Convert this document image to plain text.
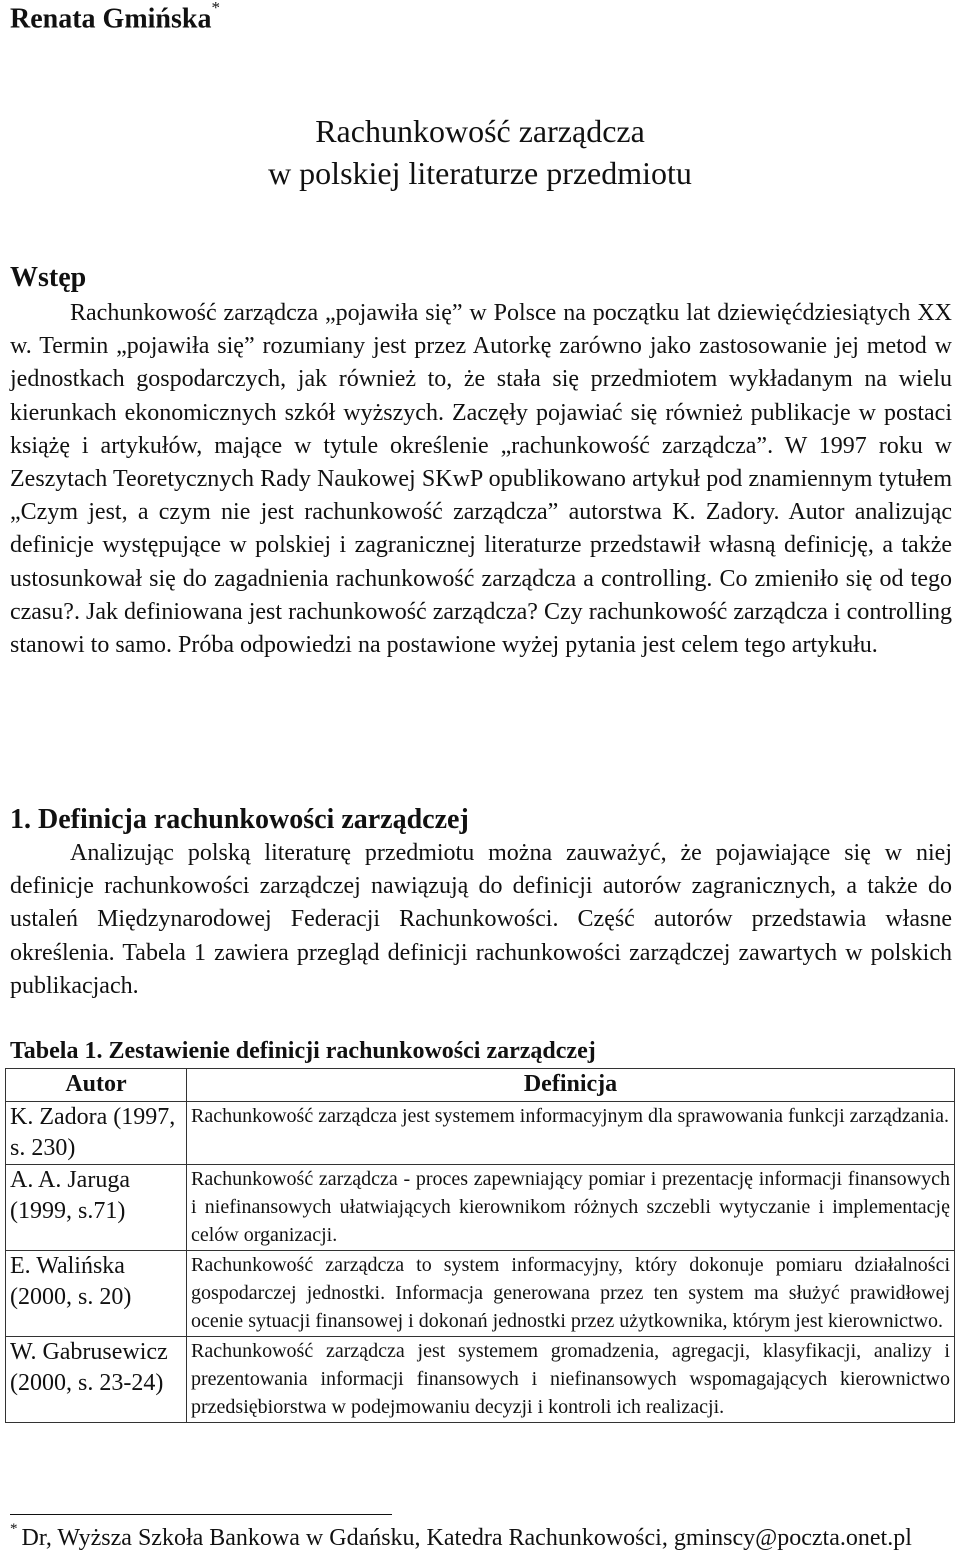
Renata Gmińska*
Rachunkowość zarządcza
w polskiej literaturze przedmiotu
Wstęp
Rachunkowość zarządcza „pojawiła się” w Polsce na początku lat dziewięćdziesiątych XX w. Termin „pojawiła się” rozumiany jest przez Autorkę zarówno jako zastosowanie jej metod w jednostkach gospodarczych, jak również to, że stała się przedmiotem wykładanym na wielu kierunkach ekonomicznych szkół wyższych. Zaczęły pojawiać się również publikacje w postaci książę i artykułów, mające w tytule określenie „rachunkowość zarządcza”. W 1997 roku w Zeszytach Teoretycznych Rady Naukowej SKwP opublikowano artykuł pod znamiennym tytułem „Czym jest, a czym nie jest rachunkowość zarządcza” autorstwa K. Zadory. Autor analizując definicje występujące w polskiej i zagranicznej literaturze przedstawił własną definicję, a także ustosunkował się do zagadnienia rachunkowość zarządcza a controlling. Co zmieniło się od tego czasu?. Jak definiowana jest rachunkowość zarządcza? Czy rachunkowość zarządcza i controlling stanowi to samo. Próba odpowiedzi na postawione wyżej pytania jest celem tego artykułu.
1. Definicja rachunkowości zarządczej
Analizując polską literaturę przedmiotu można zauważyć, że pojawiające się w niej definicje rachunkowości zarządczej nawiązują do definicji autorów zagranicznych, a także do ustaleń Międzynarodowej Federacji Rachunkowości. Część autorów przedstawia własne określenia. Tabela 1 zawiera przegląd definicji rachunkowości zarządczej zawartych w polskich publikacjach.
Tabela 1. Zestawienie definicji rachunkowości zarządczej
Autor	Definicja
K. Zadora (1997, s. 230)	Rachunkowość zarządcza jest systemem informacyjnym dla sprawowania funkcji zarządzania.
A. A. Jaruga (1999, s.71)	Rachunkowość zarządcza - proces zapewniający pomiar i prezentację informacji finansowych i niefinansowych ułatwiających kierownikom różnych szczebli wytyczanie i implementację celów organizacji.
E. Walińska (2000, s. 20)	Rachunkowość zarządcza to system informacyjny, który dokonuje pomiaru działalności gospodarczej jednostki. Informacja generowana przez ten system ma służyć prawidłowej ocenie sytuacji finansowej i dokonań jednostki przez użytkownika, którym jest kierownictwo.
W. Gabrusewicz (2000, s. 23-24)	Rachunkowość zarządcza jest systemem gromadzenia, agregacji, klasyfikacji, analizy i prezentowania informacji finansowych i niefinansowych wspomagających kierownictwo przedsiębiorstwa w podejmowaniu decyzji i kontroli ich realizacji.
* Dr, Wyższa Szkoła Bankowa w Gdańsku, Katedra Rachunkowości, gminscy@poczta.onet.pl
